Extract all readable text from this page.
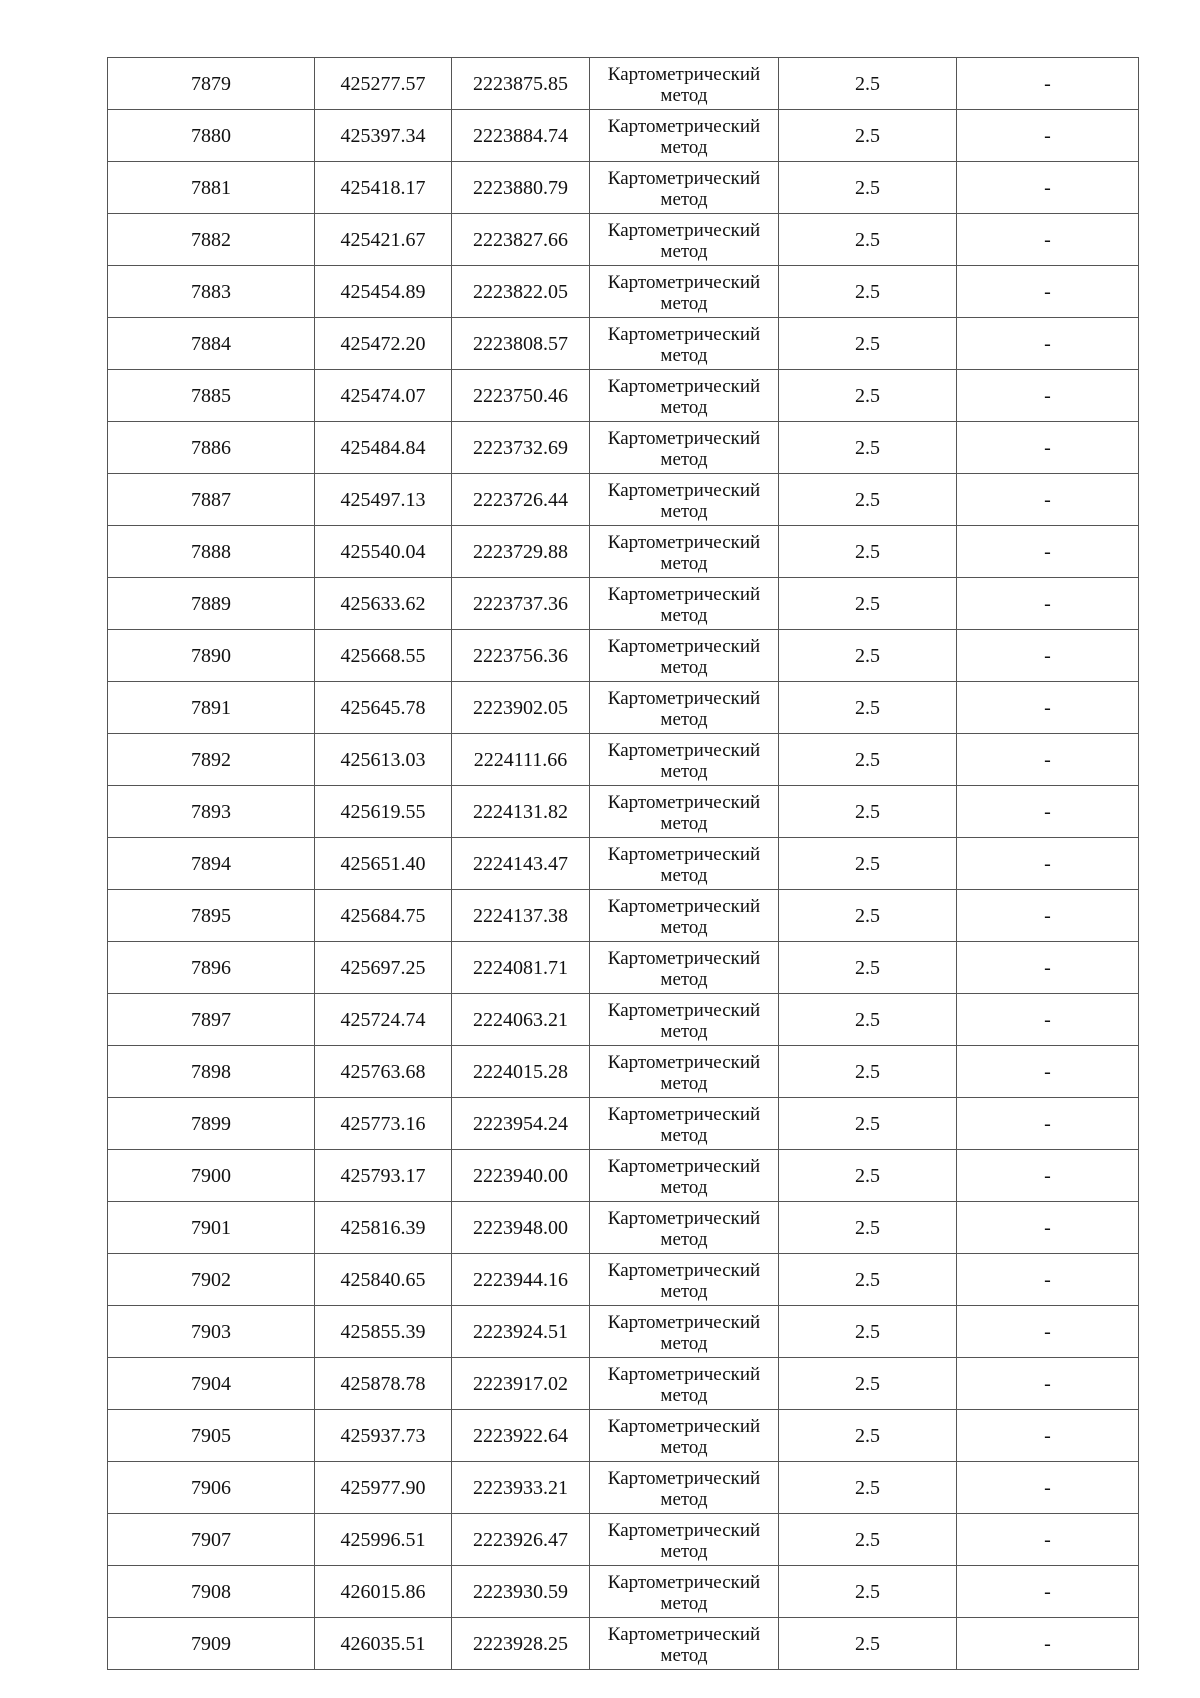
7879	425277.57	2223875.85	Картометрический метод	2.5	-
7880	425397.34	2223884.74	Картометрический метод	2.5	-
7881	425418.17	2223880.79	Картометрический метод	2.5	-
7882	425421.67	2223827.66	Картометрический метод	2.5	-
7883	425454.89	2223822.05	Картометрический метод	2.5	-
7884	425472.20	2223808.57	Картометрический метод	2.5	-
7885	425474.07	2223750.46	Картометрический метод	2.5	-
7886	425484.84	2223732.69	Картометрический метод	2.5	-
7887	425497.13	2223726.44	Картометрический метод	2.5	-
7888	425540.04	2223729.88	Картометрический метод	2.5	-
7889	425633.62	2223737.36	Картометрический метод	2.5	-
7890	425668.55	2223756.36	Картометрический метод	2.5	-
7891	425645.78	2223902.05	Картометрический метод	2.5	-
7892	425613.03	2224111.66	Картометрический метод	2.5	-
7893	425619.55	2224131.82	Картометрический метод	2.5	-
7894	425651.40	2224143.47	Картометрический метод	2.5	-
7895	425684.75	2224137.38	Картометрический метод	2.5	-
7896	425697.25	2224081.71	Картометрический метод	2.5	-
7897	425724.74	2224063.21	Картометрический метод	2.5	-
7898	425763.68	2224015.28	Картометрический метод	2.5	-
7899	425773.16	2223954.24	Картометрический метод	2.5	-
7900	425793.17	2223940.00	Картометрический метод	2.5	-
7901	425816.39	2223948.00	Картометрический метод	2.5	-
7902	425840.65	2223944.16	Картометрический метод	2.5	-
7903	425855.39	2223924.51	Картометрический метод	2.5	-
7904	425878.78	2223917.02	Картометрический метод	2.5	-
7905	425937.73	2223922.64	Картометрический метод	2.5	-
7906	425977.90	2223933.21	Картометрический метод	2.5	-
7907	425996.51	2223926.47	Картометрический метод	2.5	-
7908	426015.86	2223930.59	Картометрический метод	2.5	-
7909	426035.51	2223928.25	Картометрический метод	2.5	-
